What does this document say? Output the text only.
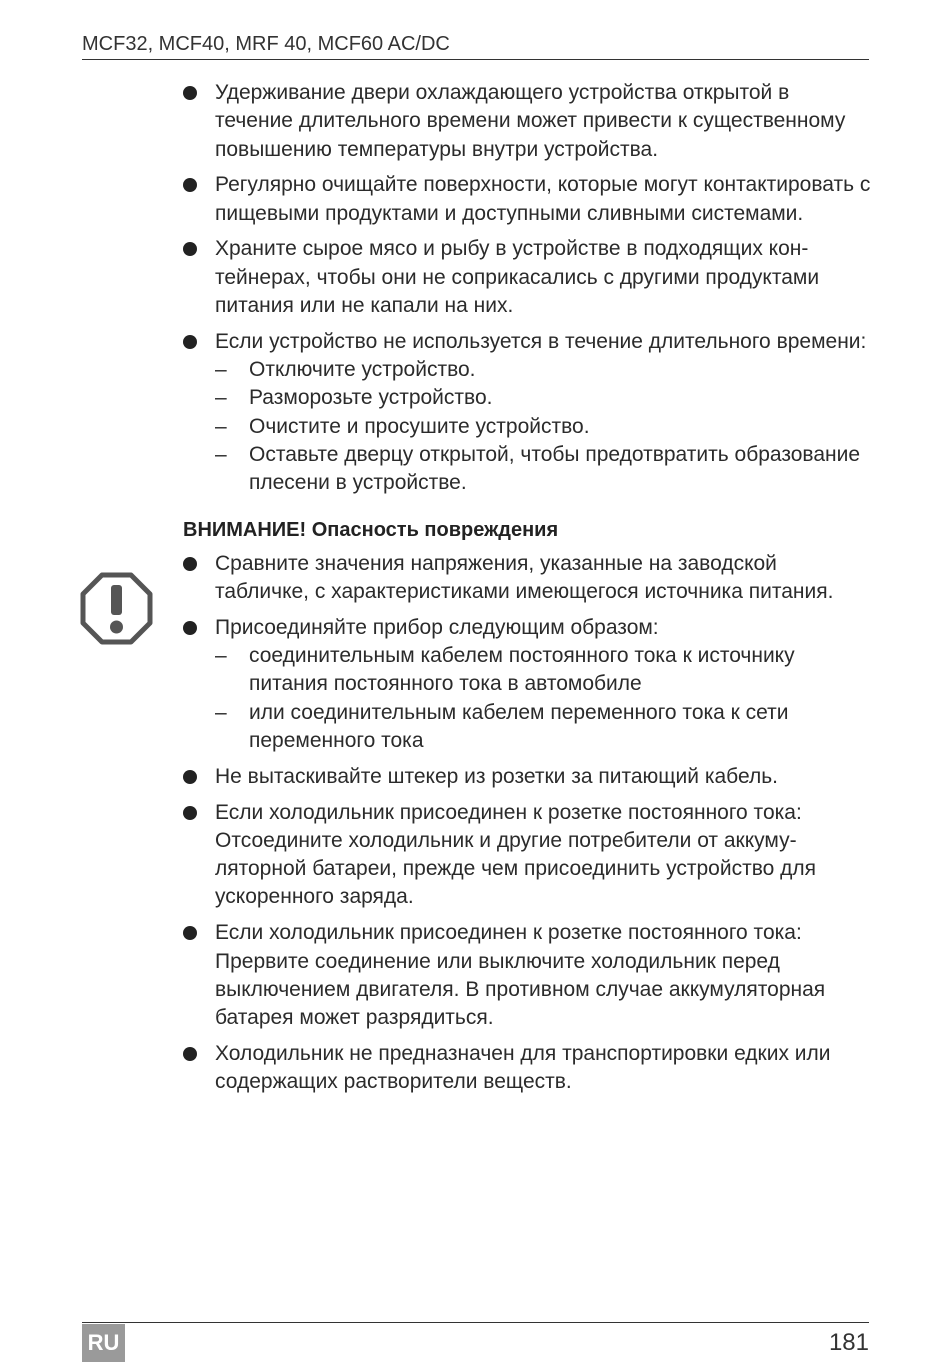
MCF32, MCF40, MRF 40, MCF60 AC/DC
Удерживание двери охлаждающего устройства открытой в течение длительного времени может привести к существенному повышению температуры внутри устройства.
Регулярно очищайте поверхности, которые могут контактировать с пищевыми продуктами и доступными сливными системами.
Храните сырое мясо и рыбу в устройстве в подходящих контейнерах, чтобы они не соприкасались с другими продуктами питания или не капали на них.
Если устройство не используется в течение длительного времени:
– Отключите устройство.
– Разморозьте устройство.
– Очистите и просушите устройство.
– Оставьте дверцу открытой, чтобы предотвратить образование плесени в устройстве.
ВНИМАНИЕ! Опасность повреждения
Сравните значения напряжения, указанные на заводской табличке, с характеристиками имеющегося источника питания.
Присоединяйте прибор следующим образом:
– соединительным кабелем постоянного тока к источнику питания постоянного тока в автомобиле
– или соединительным кабелем переменного тока к сети переменного тока
Не вытаскивайте штекер из розетки за питающий кабель.
Если холодильник присоединен к розетке постоянного тока: Отсоедините холодильник и другие потребители от аккумуляторной батареи, прежде чем присоединить устройство для ускоренного заряда.
Если холодильник присоединен к розетке постоянного тока: Прервите соединение или выключите холодильник перед выключением двигателя. В противном случае аккумуляторная батарея может разрядиться.
Холодильник не предназначен для транспортировки едких или содержащих растворители веществ.
RU	181
